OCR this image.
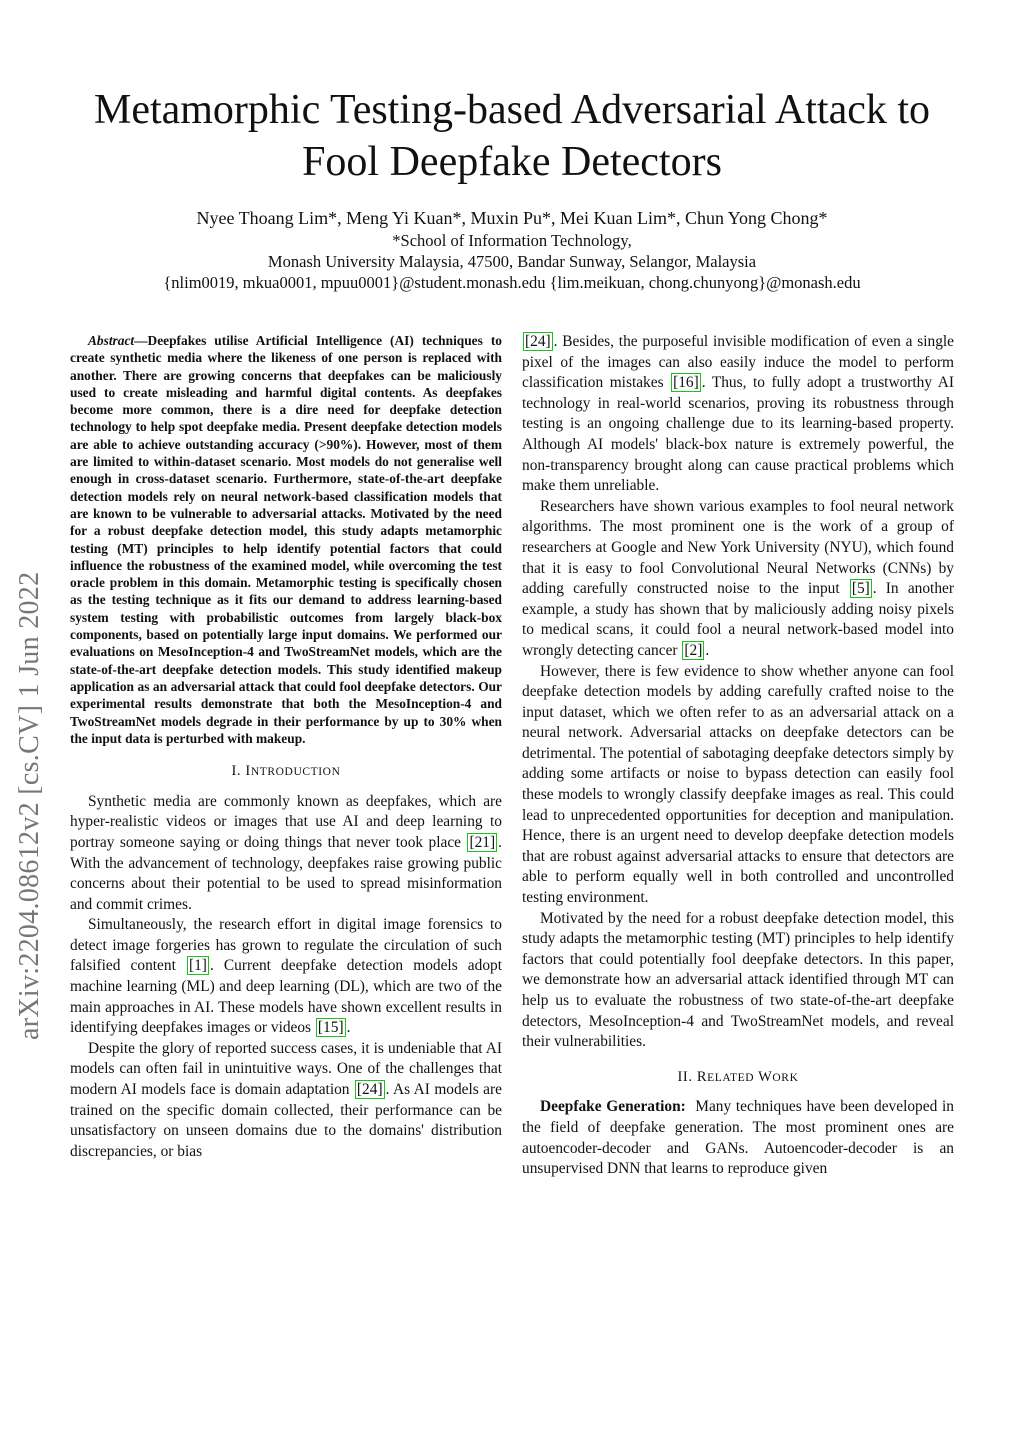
arXiv:2204.08612v2 [cs.CV] 1 Jun 2022
Metamorphic Testing-based Adversarial Attack to
Fool Deepfake Detectors
Nyee Thoang Lim*, Meng Yi Kuan*, Muxin Pu*, Mei Kuan Lim*, Chun Yong Chong*
*School of Information Technology,
Monash University Malaysia, 47500, Bandar Sunway, Selangor, Malaysia
{nlim0019, mkua0001, mpuu0001}@student.monash.edu {lim.meikuan, chong.chunyong}@monash.edu

Abstract—Deepfakes utilise Artificial Intelligence (AI) techniques to create synthetic media where the likeness of one person is replaced with another. There are growing concerns that deepfakes can be maliciously used to create misleading and harmful digital contents. As deepfakes become more common, there is a dire need for deepfake detection technology to help spot deepfake media. Present deepfake detection models are able to achieve outstanding accuracy (>90%). However, most of them are limited to within-dataset scenario. Most models do not generalise well enough in cross-dataset scenario. Furthermore, state-of-the-art deepfake detection models rely on neural network-based classification models that are known to be vulnerable to adversarial attacks. Motivated by the need for a robust deepfake detection model, this study adapts metamorphic testing (MT) principles to help identify potential factors that could influence the robustness of the examined model, while overcoming the test oracle problem in this domain. Metamorphic testing is specifically chosen as the testing technique as it fits our demand to address learning-based system testing with probabilistic outcomes from largely black-box components, based on potentially large input domains. We performed our evaluations on MesoInception-4 and TwoStreamNet models, which are the state-of-the-art deepfake detection models. This study identified makeup application as an adversarial attack that could fool deepfake detectors. Our experimental results demonstrate that both the MesoInception-4 and TwoStreamNet models degrade in their performance by up to 30% when the input data is perturbed with makeup.

I. INTRODUCTION

Synthetic media are commonly known as deepfakes, which are hyper-realistic videos or images that use AI and deep learning to portray someone saying or doing things that never took place [21] . With the advancement of technology, deepfakes raise growing public concerns about their potential to be used to spread misinformation and commit crimes.

Simultaneously, the research effort in digital image forensics to detect image forgeries has grown to regulate the circulation of such falsified content [1] . Current deepfake detection models adopt machine learning (ML) and deep learning (DL), which are two of the main approaches in AI. These models have shown excellent results in identifying deepfakes images or videos [15] .

Despite the glory of reported success cases, it is undeniable that AI models can often fail in unintuitive ways. One of the challenges that modern AI models face is domain adaptation [24] . As AI models are trained on the specific domain collected, their performance can be unsatisfactory on unseen domains due to the domains' distribution discrepancies, or bias

[24] . Besides, the purposeful invisible modification of even a single pixel of the images can also easily induce the model to perform classification mistakes [16] . Thus, to fully adopt a trustworthy AI technology in real-world scenarios, proving its robustness through testing is an ongoing challenge due to its learning-based property. Although AI models' black-box nature is extremely powerful, the non-transparency brought along can cause practical problems which make them unreliable.

Researchers have shown various examples to fool neural network algorithms. The most prominent one is the work of a group of researchers at Google and New York University (NYU), which found that it is easy to fool Convolutional Neural Networks (CNNs) by adding carefully constructed noise to the input [5] . In another example, a study has shown that by maliciously adding noisy pixels to medical scans, it could fool a neural network-based model into wrongly detecting cancer [2] .

However, there is few evidence to show whether anyone can fool deepfake detection models by adding carefully crafted noise to the input dataset, which we often refer to as an adversarial attack on a neural network. Adversarial attacks on deepfake detectors can be detrimental. The potential of sabotaging deepfake detectors simply by adding some artifacts or noise to bypass detection can easily fool these models to wrongly classify deepfake images as real. This could lead to unprecedented opportunities for deception and manipulation. Hence, there is an urgent need to develop deepfake detection models that are robust against adversarial attacks to ensure that detectors are able to perform equally well in both controlled and uncontrolled testing environment.

Motivated by the need for a robust deepfake detection model, this study adapts the metamorphic testing (MT) principles to help identify factors that could potentially fool deepfake detectors. In this paper, we demonstrate how an adversarial attack identified through MT can help us to evaluate the robustness of two state-of-the-art deepfake detectors, MesoInception-4 and TwoStreamNet models, and reveal their vulnerabilities.

II. RELATED WORK

Deepfake Generation: Many techniques have been developed in the field of deepfake generation. The most prominent ones are autoencoder-decoder and GANs. Autoencoder-decoder is an unsupervised DNN that learns to reproduce given
